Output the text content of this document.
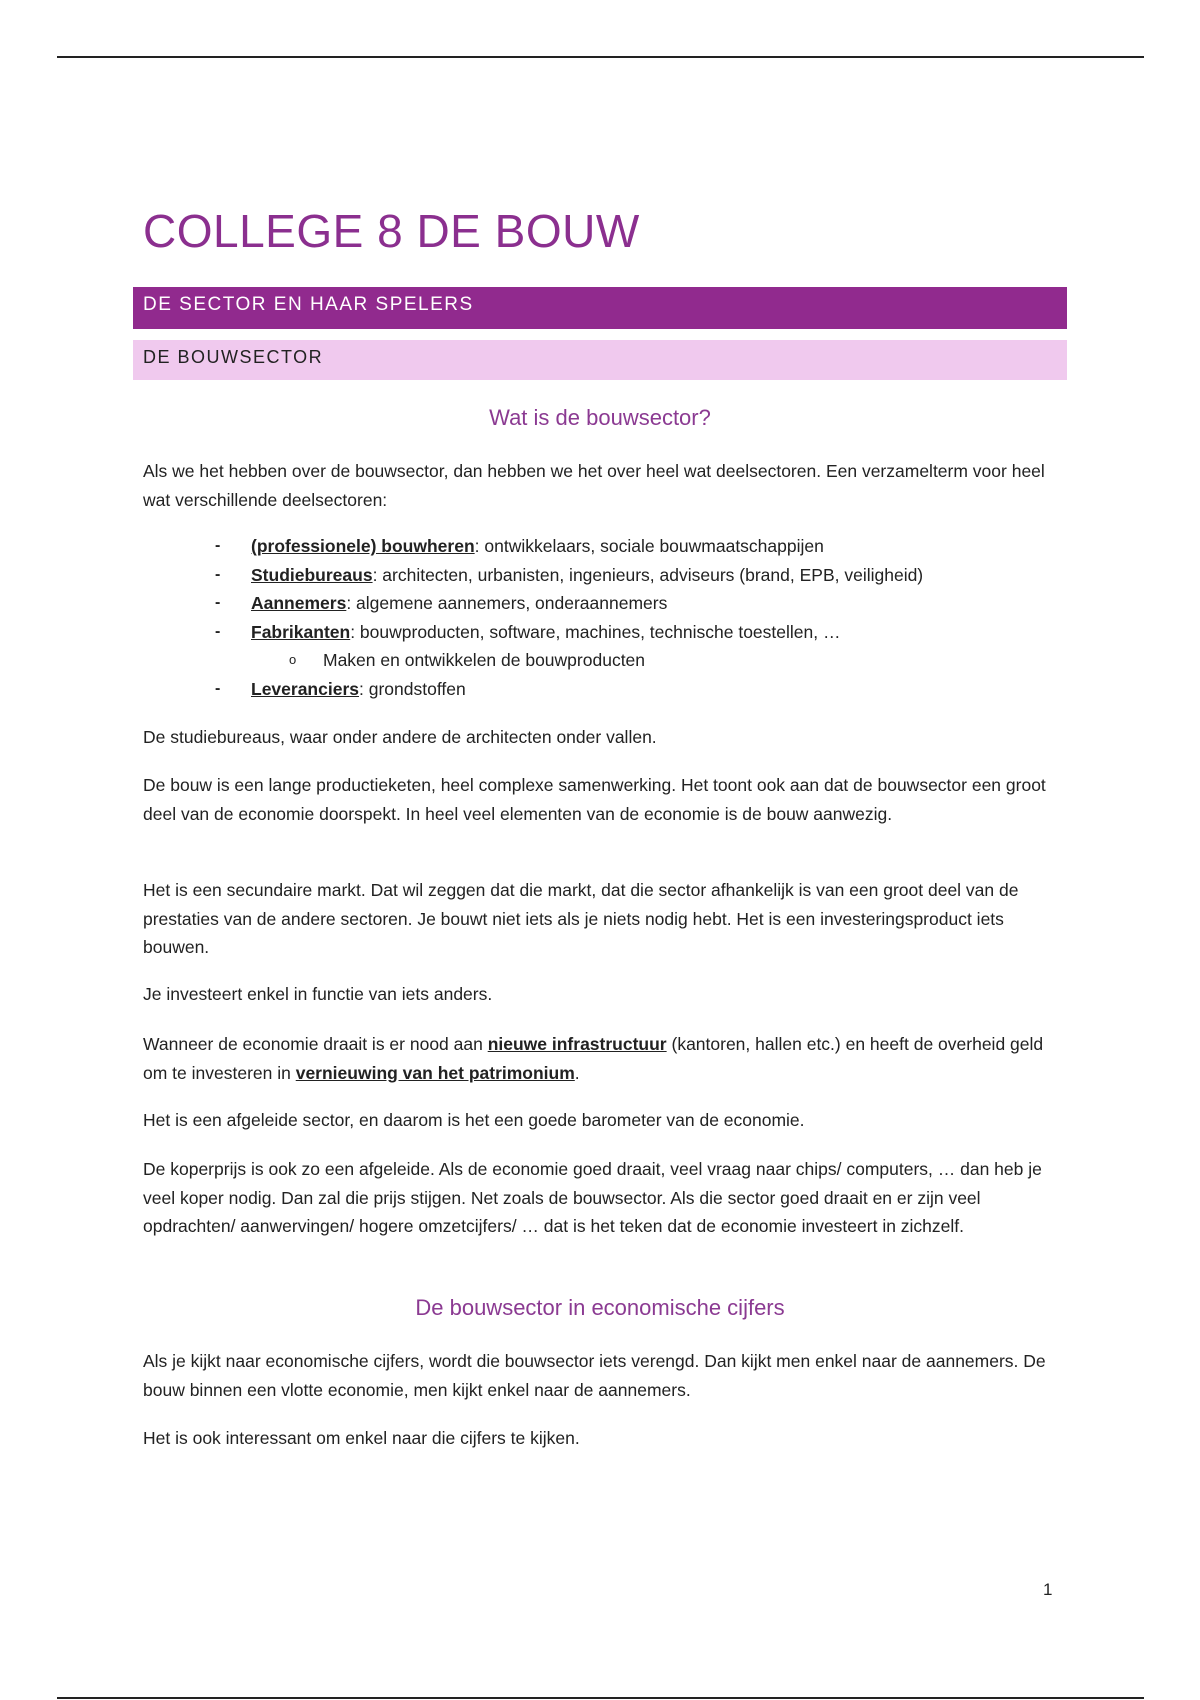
COLLEGE 8 DE BOUW
DE SECTOR EN HAAR SPELERS
DE BOUWSECTOR
Wat is de bouwsector?

Als we het hebben over de bouwsector, dan hebben we het over heel wat deelsectoren. Een verzamelterm voor heel wat verschillende deelsectoren:

- (professionele) bouwheren: ontwikkelaars, sociale bouwmaatschappijen
- Studiebureaus: architecten, urbanisten, ingenieurs, adviseurs (brand, EPB, veiligheid)
- Aannemers: algemene aannemers, onderaannemers
- Fabrikanten: bouwproducten, software, machines, technische toestellen, …
o Maken en ontwikkelen de bouwproducten
- Leveranciers: grondstoffen

De studiebureaus, waar onder andere de architecten onder vallen.

De bouw is een lange productieketen, heel complexe samenwerking. Het toont ook aan dat de bouwsector een groot deel van de economie doorspekt. In heel veel elementen van de economie is de bouw aanwezig.

Het is een secundaire markt. Dat wil zeggen dat die markt, dat die sector afhankelijk is van een groot deel van de prestaties van de andere sectoren. Je bouwt niet iets als je niets nodig hebt. Het is een investeringsproduct iets bouwen.

Je investeert enkel in functie van iets anders.

Wanneer de economie draait is er nood aan nieuwe infrastructuur (kantoren, hallen etc.) en heeft de overheid geld om te investeren in vernieuwing van het patrimonium.

Het is een afgeleide sector, en daarom is het een goede barometer van de economie.

De koperprijs is ook zo een afgeleide. Als de economie goed draait, veel vraag naar chips/ computers, … dan heb je veel koper nodig. Dan zal die prijs stijgen. Net zoals de bouwsector. Als die sector goed draait en er zijn veel opdrachten/ aanwervingen/ hogere omzetcijfers/ … dat is het teken dat de economie investeert in zichzelf.

De bouwsector in economische cijfers

Als je kijkt naar economische cijfers, wordt die bouwsector iets verengd. Dan kijkt men enkel naar de aannemers. De bouw binnen een vlotte economie, men kijkt enkel naar de aannemers.

Het is ook interessant om enkel naar die cijfers te kijken.

1
